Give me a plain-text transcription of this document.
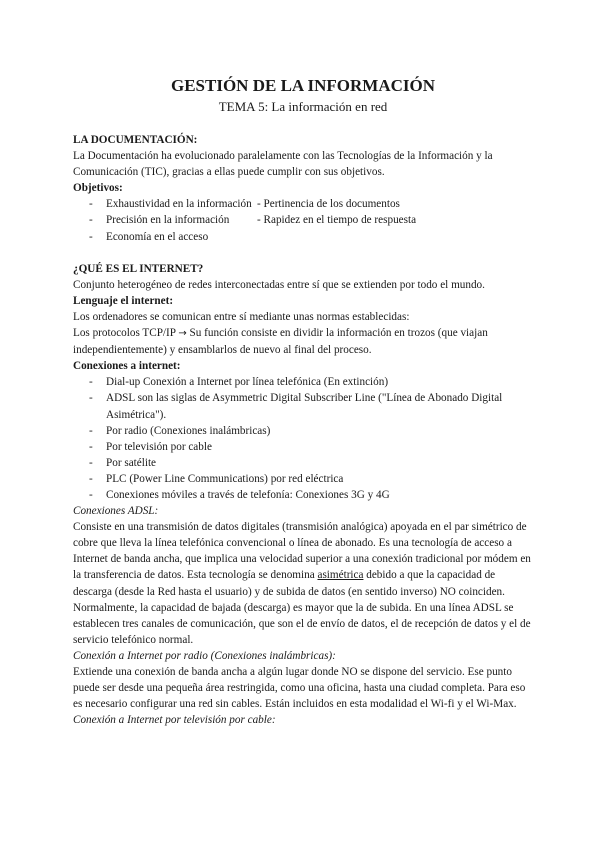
GESTIÓN DE LA INFORMACIÓN

TEMA 5: La información en red

LA DOCUMENTACIÓN:

La Documentación ha evolucionado paralelamente con las Tecnologías de la Información y la Comunicación (TIC), gracias a ellas puede cumplir con sus objetivos.

Objetivos:

- Exhaustividad en la información - Pertinencia de los documentos
- Precisión en la información	- Rapidez en el tiempo de respuesta
- Economía en el acceso

¿QUÉ ES EL INTERNET?

Conjunto heterogéneo de redes interconectadas entre sí que se extienden por todo el mundo.

Lenguaje el internet:

Los ordenadores se comunican entre sí mediante unas normas establecidas:

Los protocolos TCP/IP → Su función consiste en dividir la información en trozos (que viajan independientemente) y ensamblarlos de nuevo al final del proceso.

Conexiones a internet:

- Dial-up Conexión a Internet por línea telefónica (En extinción)
- ADSL son las siglas de Asymmetric Digital Subscriber Line ("Línea de Abonado Digital Asimétrica").
- Por radio (Conexiones inalámbricas)
- Por televisión por cable
- Por satélite
- PLC (Power Line Communications) por red eléctrica
- Conexiones móviles a través de telefonía: Conexiones 3G y 4G

Conexiones ADSL:

Consiste en una transmisión de datos digitales (transmisión analógica) apoyada en el par simétrico de cobre que lleva la línea telefónica convencional o línea de abonado. Es una tecnología de acceso a Internet de banda ancha, que implica una velocidad superior a una conexión tradicional por módem en la transferencia de datos. Esta tecnología se denomina asimétrica debido a que la capacidad de descarga (desde la Red hasta el usuario) y de subida de datos (en sentido inverso) NO coinciden. Normalmente, la capacidad de bajada (descarga) es mayor que la de subida. En una línea ADSL se establecen tres canales de comunicación, que son el de envío de datos, el de recepción de datos y el de servicio telefónico normal.

Conexión a Internet por radio (Conexiones inalámbricas):

Extiende una conexión de banda ancha a algún lugar donde NO se dispone del servicio. Ese punto puede ser desde una pequeña área restringida, como una oficina, hasta una ciudad completa. Para eso es necesario configurar una red sin cables. Están incluidos en esta modalidad el Wi-fi y el Wi-Max.

Conexión a Internet por televisión por cable:
